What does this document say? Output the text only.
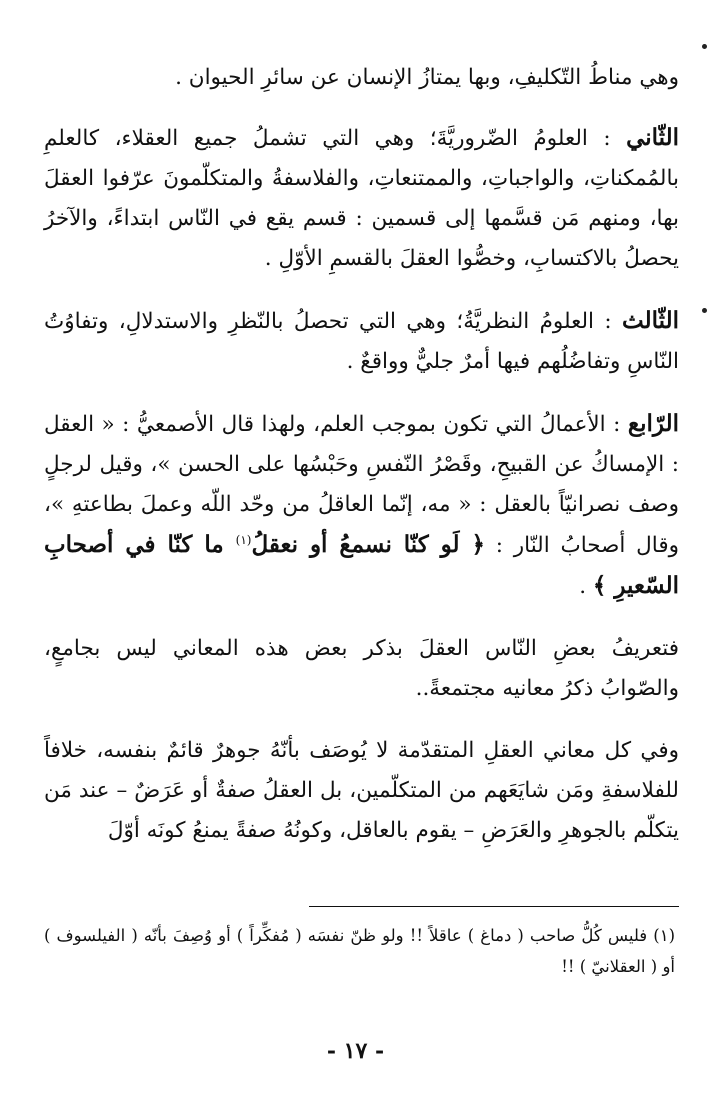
وهي مناطُ التّكليفِ، وبها يمتازُ الإنسان عن سائرِ الحيوان .

الثّاني : العلومُ الضّروريَّةَ؛ وهي التي تشملُ جميع العقلاء، كالعلمِ بالمُمكناتِ، والواجباتِ، والممتنعاتِ، والفلاسفةُ والمتكلّمونَ عرّفوا العقلَ بها، ومنهم مَن قسَّمها إلى قسمين : قسم يقع في النّاس ابتداءً، والآخرُ يحصلُ بالاكتسابِ، وخصُّوا العقلَ بالقسمِ الأوّلِ .

الثّالث : العلومُ النظريَّةُ؛ وهي التي تحصلُ بالنّظرِ والاستدلالِ، وتفاوُتُ النّاسِ وتفاضُلُهم فيها أمرٌ جليٌّ وواقعٌ .

الرّابع : الأعمالُ التي تكون بموجب العلم، ولهذا قال الأصمعيُّ : « العقل : الإمساكُ عن القبيحِ، وقَصْرُ النّفسِ وحَبْسُها على الحسن »، وقيل لرجلٍ وصف نصرانيّاً بالعقل : « مه، إنّما العاقلُ من وحّد اللّه وعملَ بطاعتهِ »، وقال أصحابُ النّار : ﴿ لَو كنّا نسمعُ أو نعقلُ$^{(١)}$ ما كنّا في أصحابِ السّعيرِ ﴾ .

فتعريفُ بعضِ النّاس العقلَ بذكر بعض هذه المعاني ليس بجامعٍ، والصّوابُ ذكرُ معانيه مجتمعةً..

وفي كل معاني العقلِ المتقدّمة لا يُوصَف بأنّهُ جوهرٌ قائمٌ بنفسه، خلافاً للفلاسفةِ ومَن شايَعَهم من المتكلّمين، بل العقلُ صفةٌ أو عَرَضٌ – عند مَن يتكلّم بالجوهرِ والعَرَضِ – يقوم بالعاقل، وكونُهُ صفةً يمنعُ كونَه أوّلَ

(١) فليس كُلُّ صاحب ( دماغ ) عاقلاً !! ولو ظنّ نفسَه ( مُفكِّراً ) أو وُصِفَ بأنّه ( الفيلسوف ) أو ( العقلانيّ ) !!
- ١٧ -
